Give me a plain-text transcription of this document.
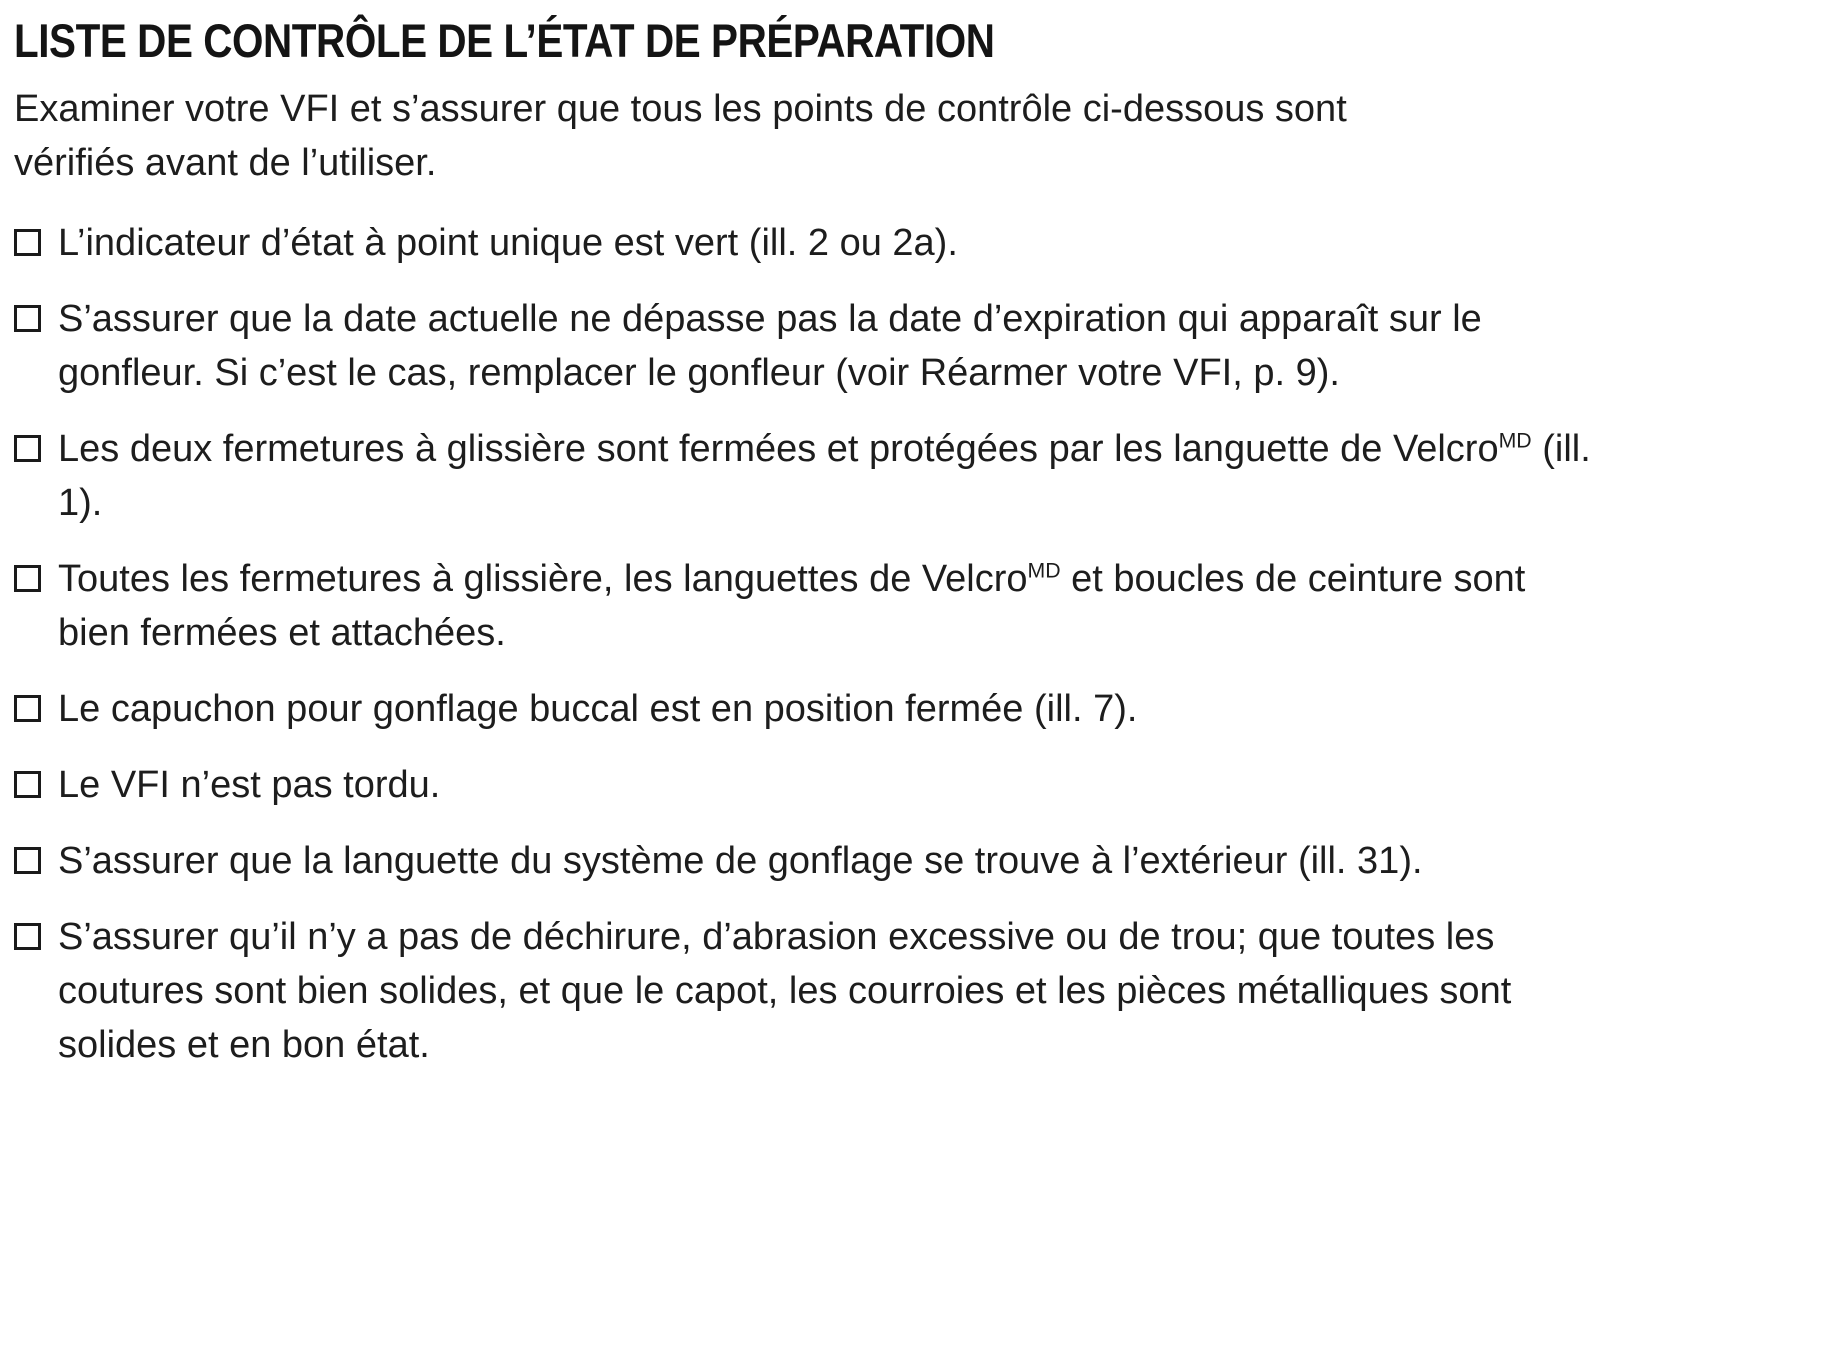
LISTE DE CONTRÔLE DE L’ÉTAT DE PRÉPARATION

Examiner votre VFI et s’assurer que tous les points de contrôle ci-dessous sont vérifiés avant de l’utiliser.

L’indicateur d’état à point unique est vert (ill. 2 ou 2a).
S’assurer que la date actuelle ne dépasse pas la date d’expiration qui apparaît sur le gonfleur. Si c’est le cas, remplacer le gonfleur (voir Réarmer votre VFI, p. 9).
Les deux fermetures à glissière sont fermées et protégées par les languette de Velcro$^{MD}$ (ill. 1).
Toutes les fermetures à glissière, les languettes de Velcro$^{MD}$ et boucles de ceinture sont bien fermées et attachées.
Le capuchon pour gonflage buccal est en position fermée (ill. 7).
Le VFI n’est pas tordu.
S’assurer que la languette du système de gonflage se trouve à l’extérieur (ill. 31).
S’assurer qu’il n’y a pas de déchirure, d’abrasion excessive ou de trou; que toutes les coutures sont bien solides, et que le capot, les courroies et les pièces métalliques sont solides et en bon état.
